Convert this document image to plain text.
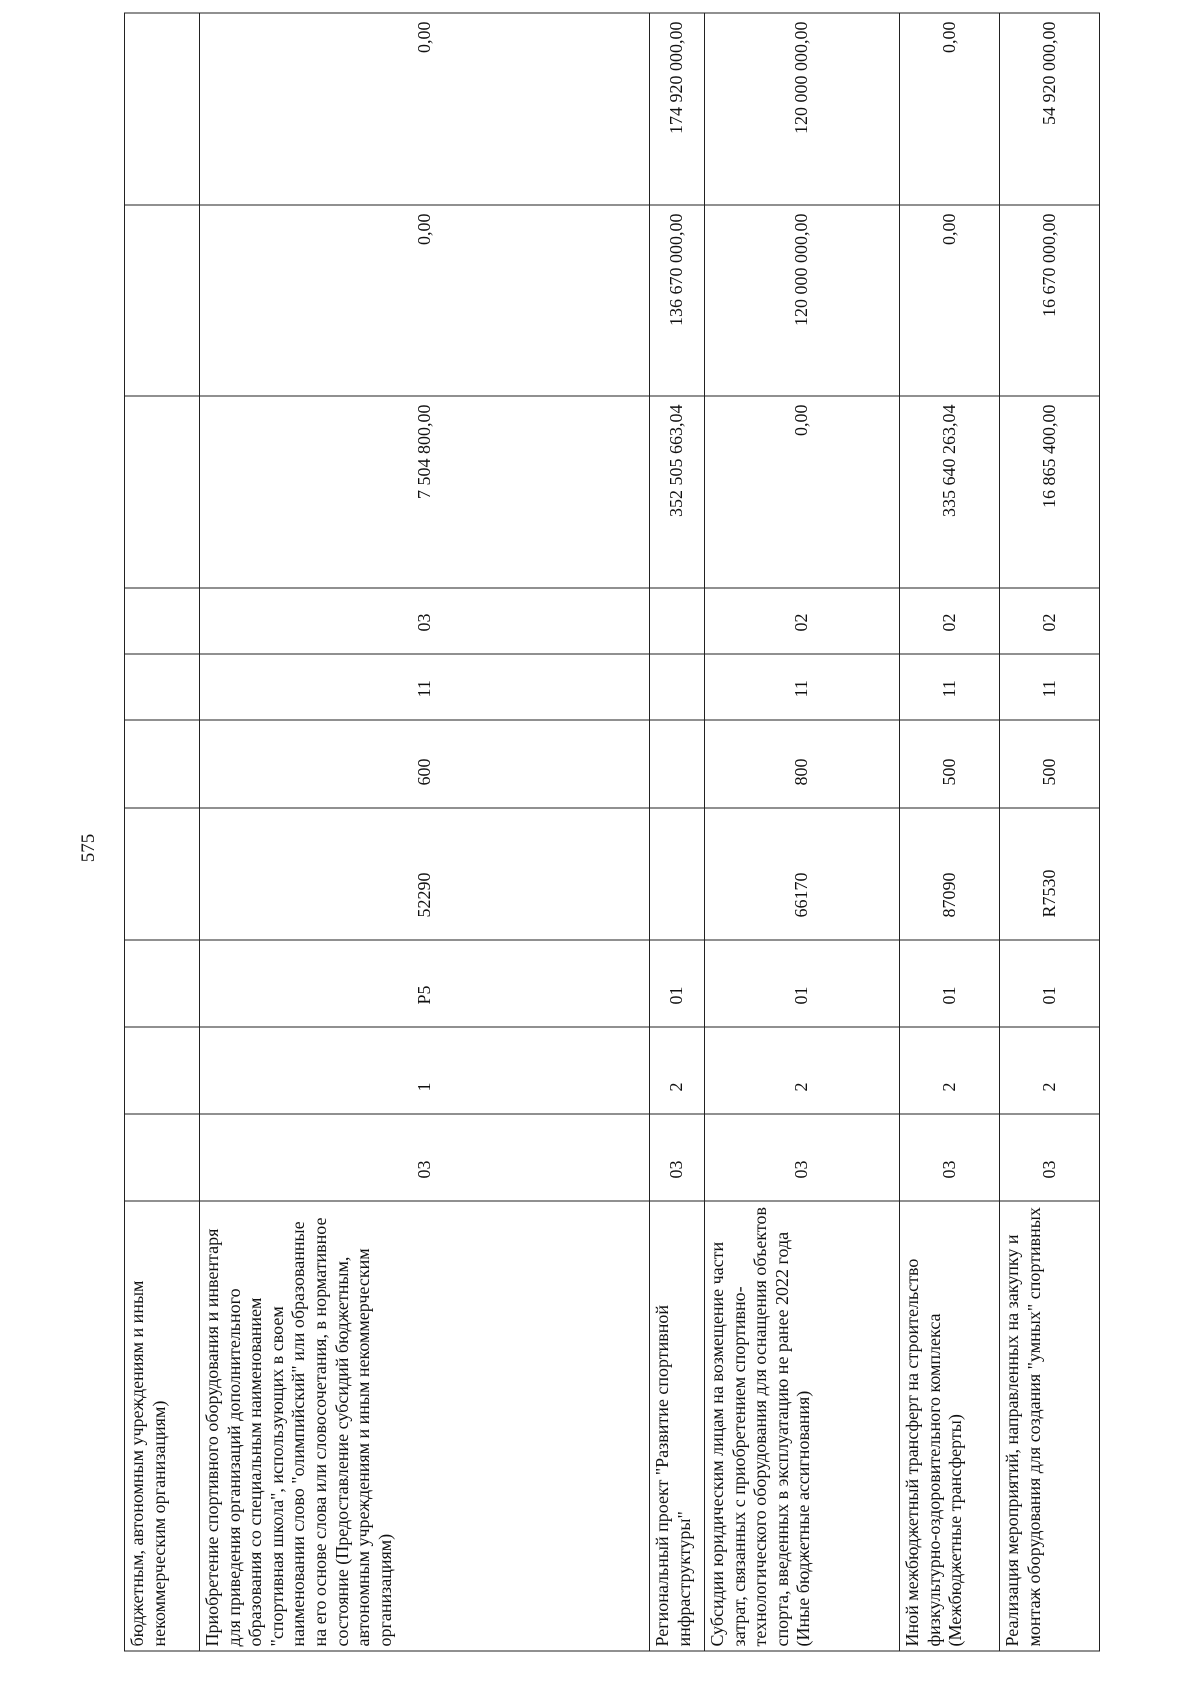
575
бюджетным, автономным учреждениям и иным некоммерческим организациям)										
Приобретение спортивного оборудования и инвентаря для приведения организаций дополнительного образования со специальным наименованием "спортивная школа", использующих в своем наименовании слово "олимпийский" или образованные на его основе слова или словосочетания, в нормативное состояние (Предоставление субсидий бюджетным, автономным учреждениям и иным некоммерческим организациям)	03	1	P5	52290	600	11	03	7 504 800,00	0,00	0,00
Региональный проект "Развитие спортивной инфраструктуры"	03	2	01					352 505 663,04	136 670 000,00	174 920 000,00
Субсидии юридическим лицам на возмещение части затрат, связанных с приобретением спортивно-технологического оборудования для оснащения объектов спорта, введенных в эксплуатацию не ранее 2022 года (Иные бюджетные ассигнования)	03	2	01	66170	800	11	02	0,00	120 000 000,00	120 000 000,00
Иной межбюджетный трансферт на строительство физкультурно-оздоровительного комплекса (Межбюджетные трансферты)	03	2	01	87090	500	11	02	335 640 263,04	0,00	0,00
Реализация мероприятий, направленных на закупку и монтаж оборудования для создания "умных" спортивных	03	2	01	R7530	500	11	02	16 865 400,00	16 670 000,00	54 920 000,00
